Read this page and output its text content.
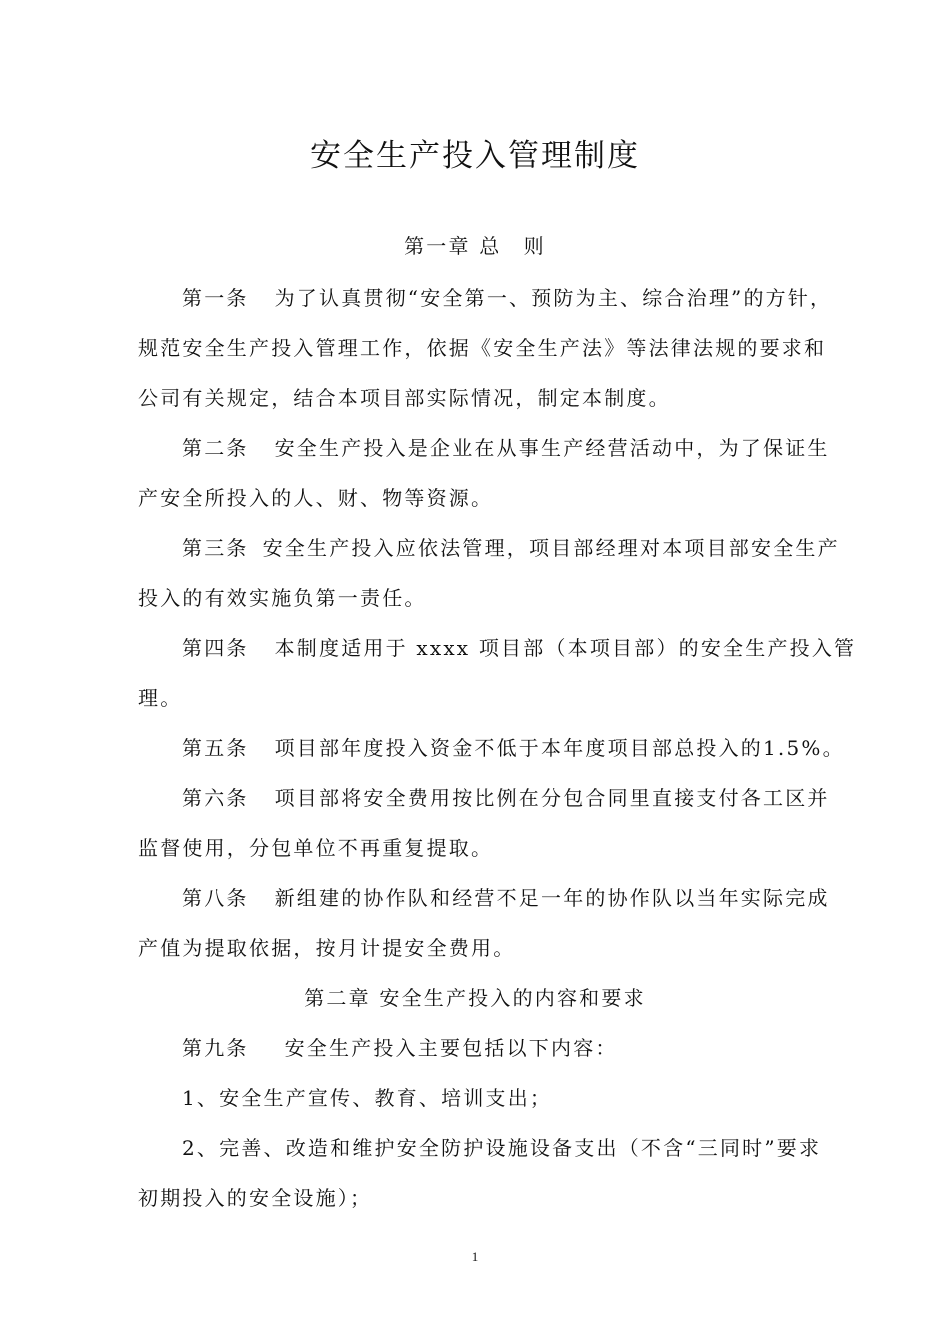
安全生产投入管理制度
第一章 总　则
第一条 为了认真贯彻“安全第一、预防为主、综合治理”的方针，
规范安全生产投入管理工作，依据《安全生产法》等法律法规的要求和
公司有关规定，结合本项目部实际情况，制定本制度。
第二条 安全生产投入是企业在从事生产经营活动中，为了保证生
产安全所投入的人、财、物等资源。
第三条 安全生产投入应依法管理，项目部经理对本项目部安全生产
投入的有效实施负第一责任。
第四条 本制度适用于 xxxx 项目部（本项目部）的安全生产投入管
理。
第五条 项目部年度投入资金不低于本年度项目部总投入的1.5%。
第六条 项目部将安全费用按比例在分包合同里直接支付各工区并
监督使用，分包单位不再重复提取。
第八条 新组建的协作队和经营不足一年的协作队以当年实际完成
产值为提取依据，按月计提安全费用。
第二章 安全生产投入的内容和要求
第九条 安全生产投入主要包括以下内容：
1、安全生产宣传、教育、培训支出；
2、完善、改造和维护安全防护设施设备支出（不含“三同时”要求
初期投入的安全设施）；
1
